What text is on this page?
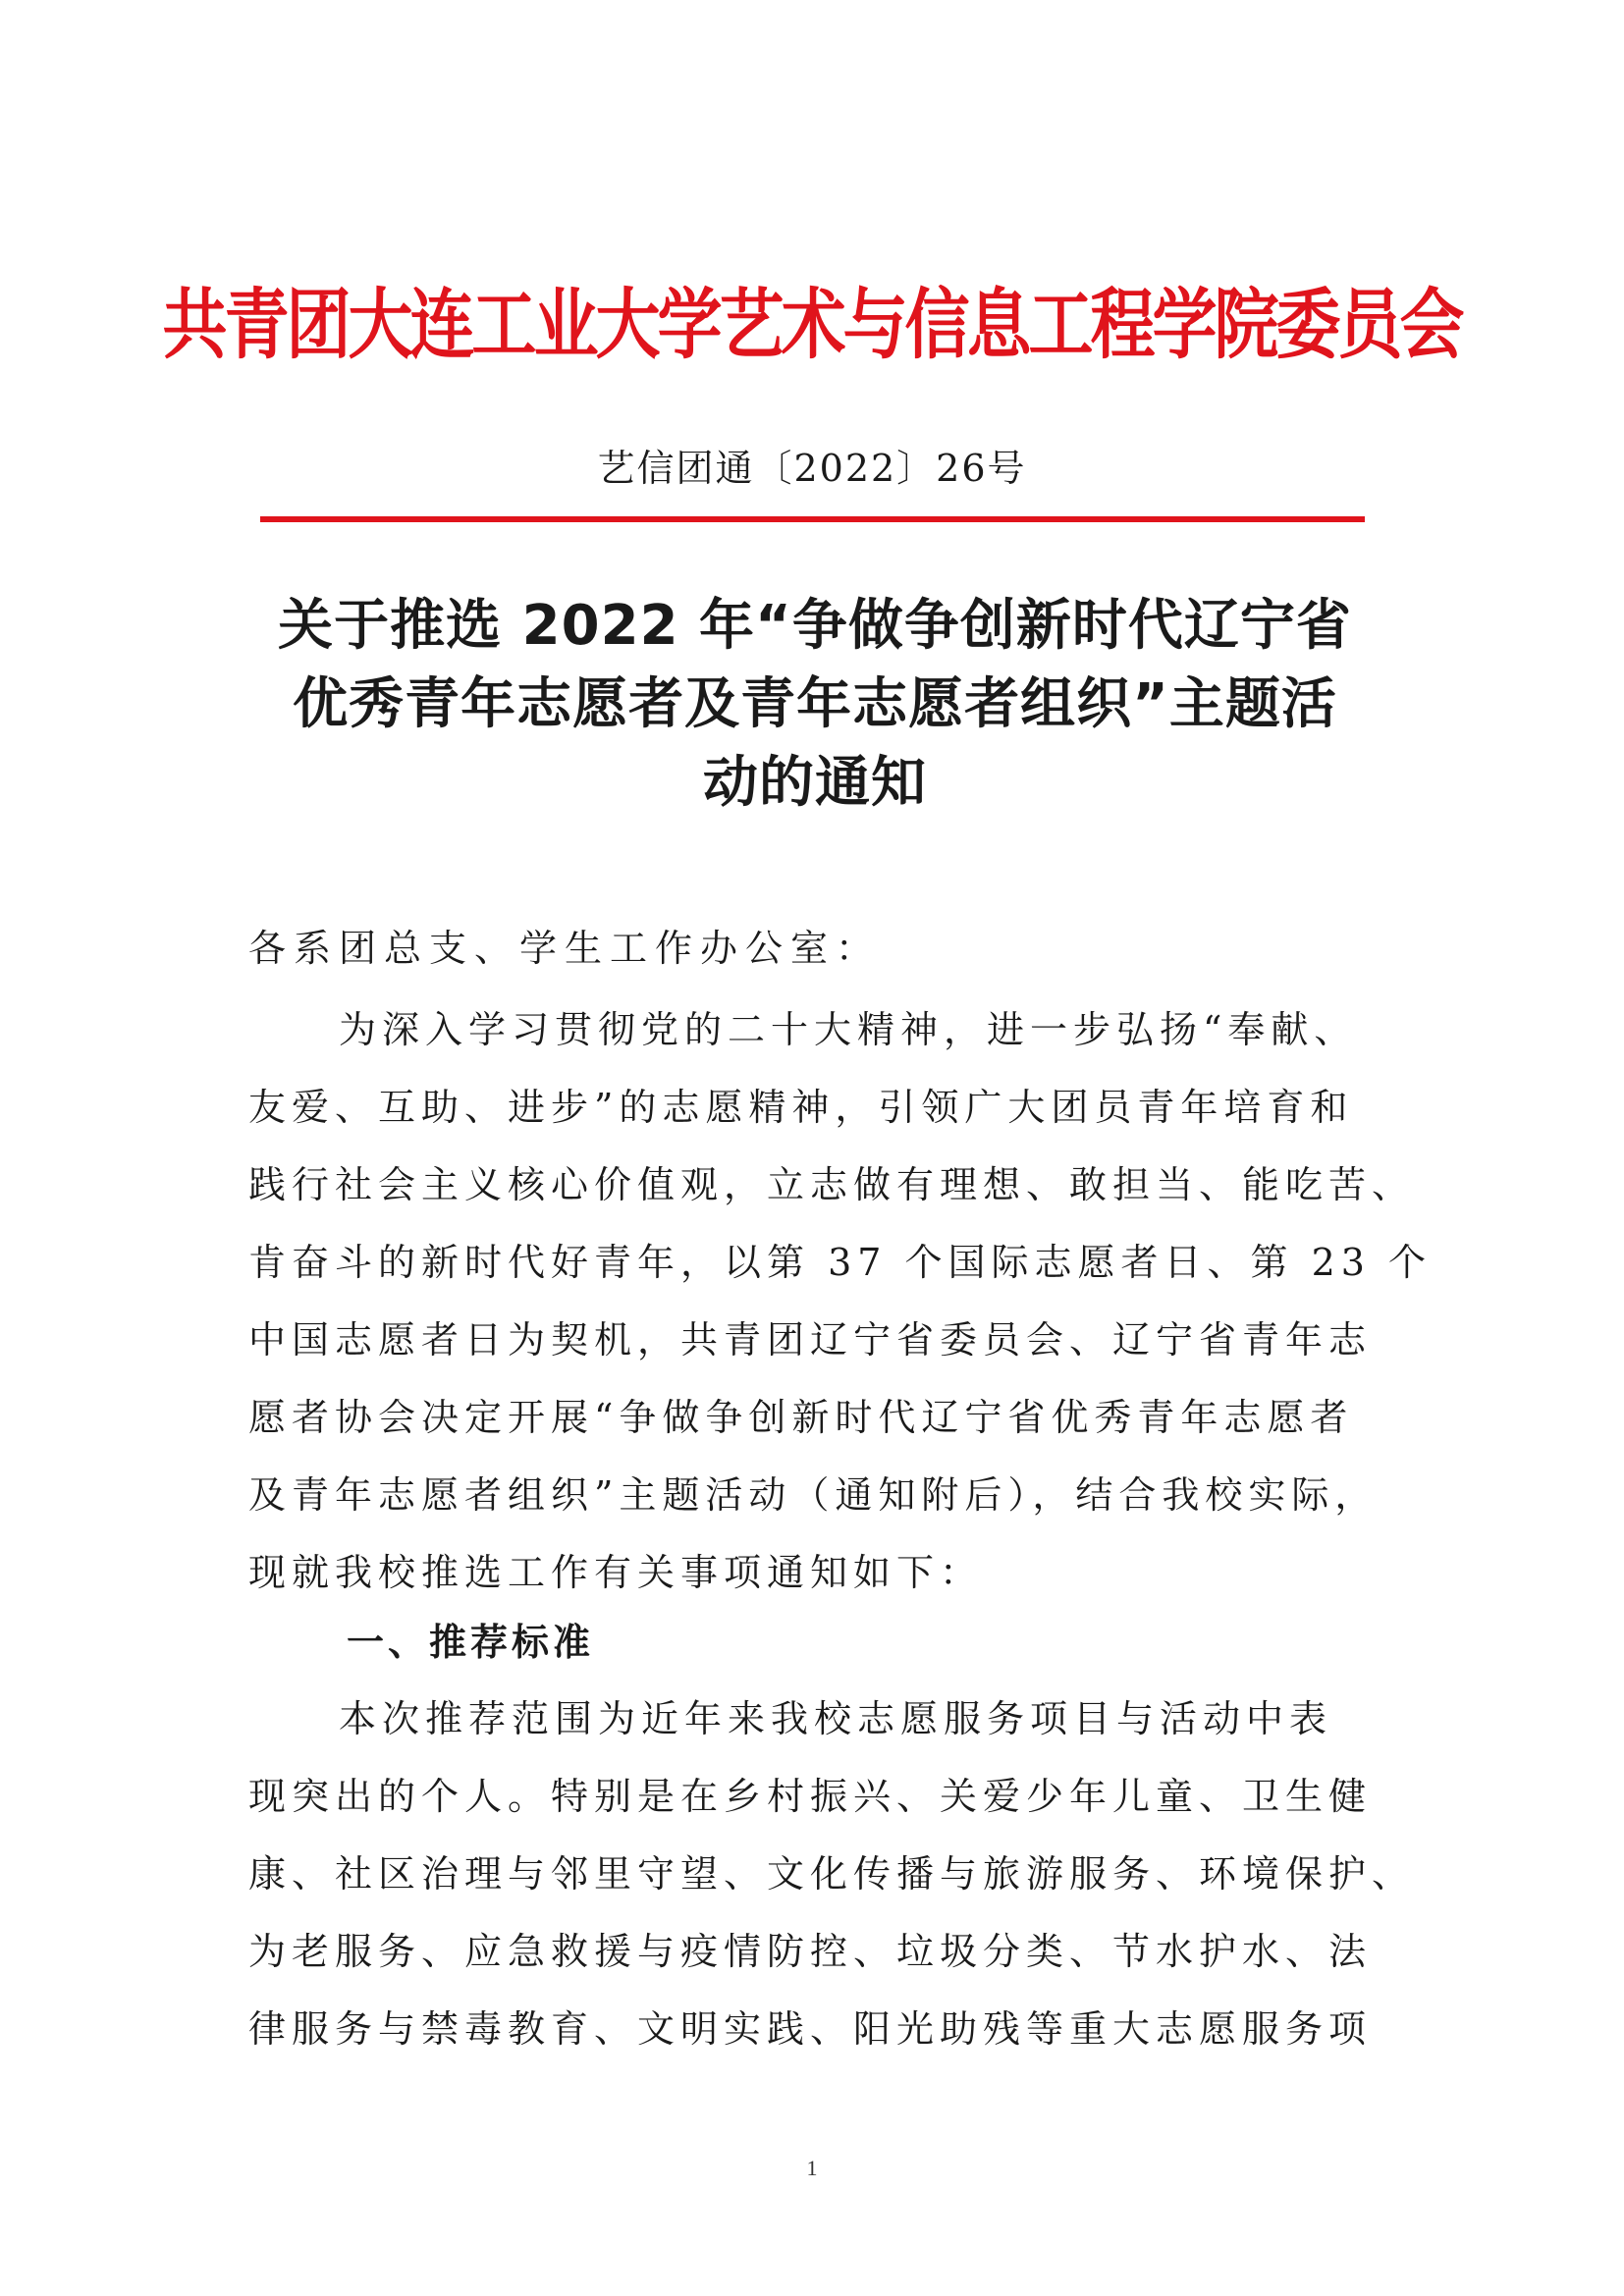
共青团大连工业大学艺术与信息工程学院委员会
艺信团通〔2022〕26号
关于推选 2022 年“争做争创新时代辽宁省
优秀青年志愿者及青年志愿者组织”主题活
动的通知
各系团总支、学生工作办公室：
为深入学习贯彻党的二十大精神，进一步弘扬“奉献、
友爱、互助、进步”的志愿精神，引领广大团员青年培育和
践行社会主义核心价值观，立志做有理想、敢担当、能吃苦、
肯奋斗的新时代好青年，以第 37 个国际志愿者日、第 23 个
中国志愿者日为契机，共青团辽宁省委员会、辽宁省青年志
愿者协会决定开展“争做争创新时代辽宁省优秀青年志愿者
及青年志愿者组织”主题活动（通知附后），结合我校实际，
现就我校推选工作有关事项通知如下：
一、推荐标准
本次推荐范围为近年来我校志愿服务项目与活动中表
现突出的个人。特别是在乡村振兴、关爱少年儿童、卫生健
康、社区治理与邻里守望、文化传播与旅游服务、环境保护、
为老服务、应急救援与疫情防控、垃圾分类、节水护水、法
律服务与禁毒教育、文明实践、阳光助残等重大志愿服务项
1
